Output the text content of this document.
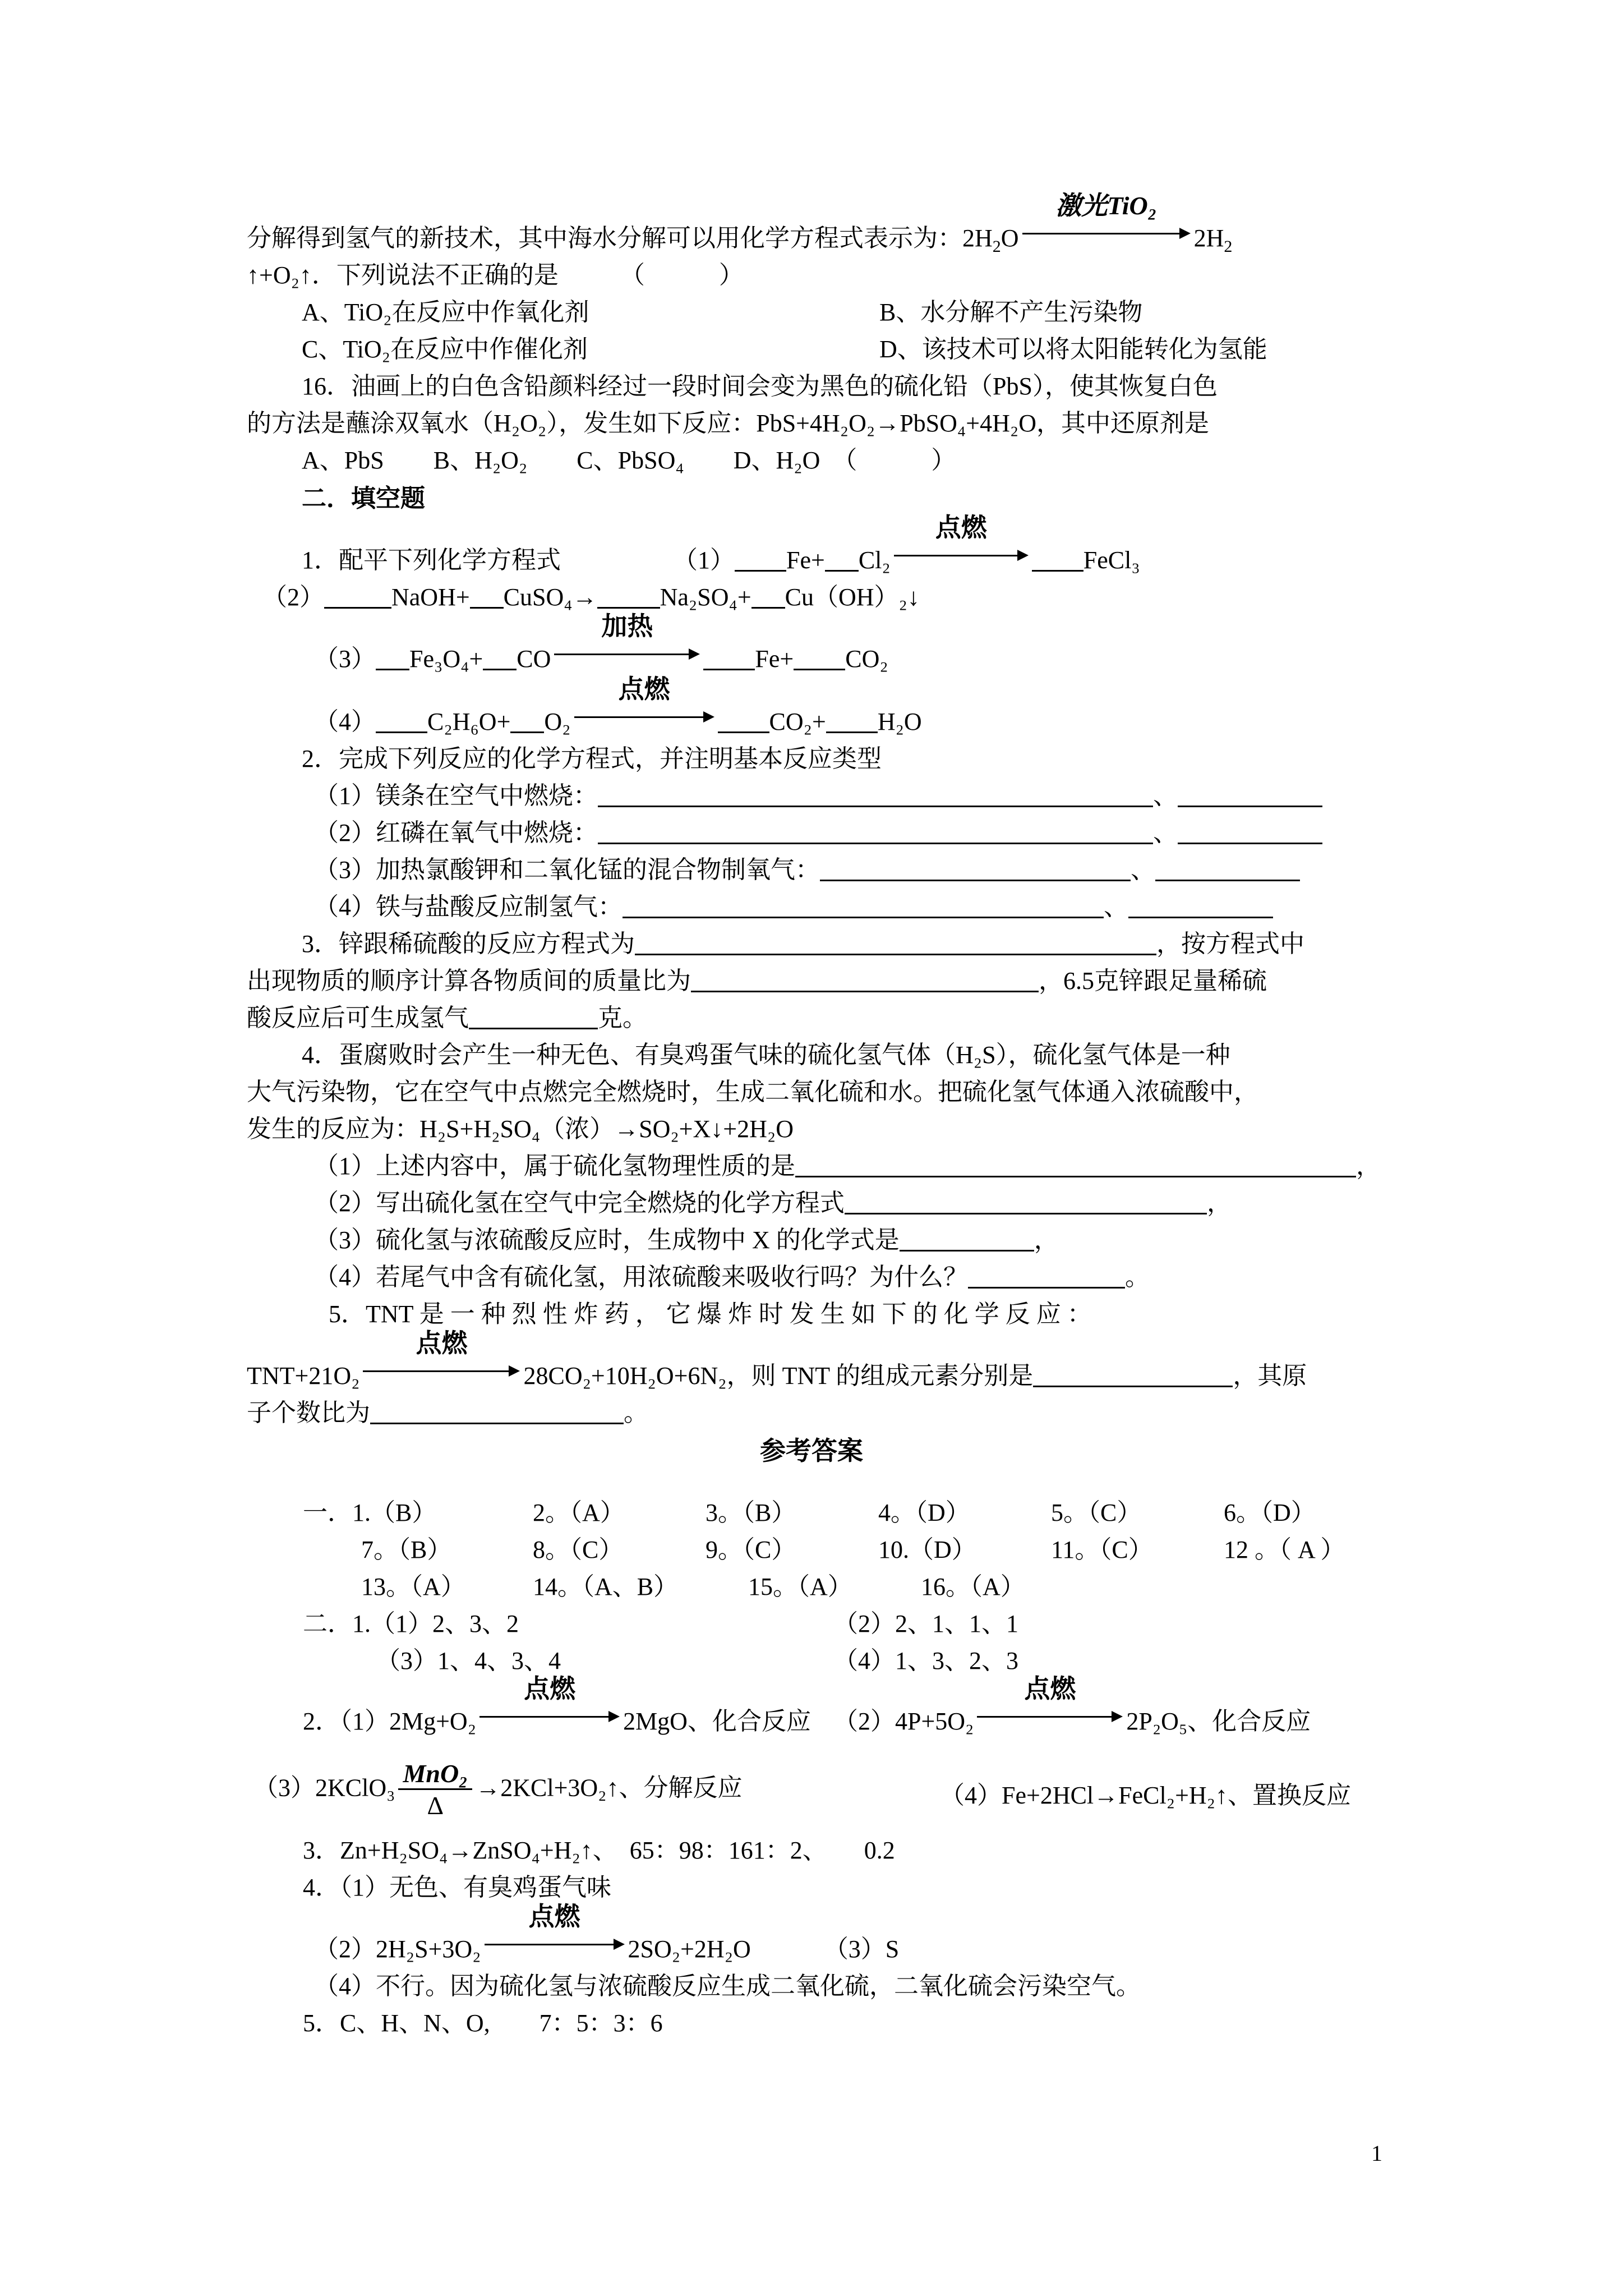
分解得到氢气的新技术，其中海水分解可以用化学方程式表示为：$2H_2O$
激光TiO₂
$2H_2$
↑+O₂↑．下列说法不正确的是　　　（　　　）
A、TiO₂在反应中作氧化剂	B、水分解不产生污染物
C、TiO₂在反应中作催化剂	D、该技术可以将太阳能转化为氢能
16．油画上的白色含铅颜料经过一段时间会变为黑色的硫化铅（PbS），使其恢复白色
的方法是蘸涂双氧水（H₂O₂），发生如下反应：PbS+4H₂O₂→PbSO₄+4H₂O，其中还原剂是
A、PbS　　B、H₂O₂　　C、PbSO₄　　D、H₂O　（　　　）
二．填空题
1．配平下列化学方程式	（1） Fe+ Cl₂
点燃
FeCl₃
（2）	NaOH+ CuSO₄→	Na₂SO₄+ Cu（OH）₂↓
（3） Fe₃O₄+ CO
加热
Fe+ CO₂
（4） C₂H₆O+ O₂
点燃
CO₂+ H₂O
2．完成下列反应的化学方程式，并注明基本反应类型
（1）镁条在空气中燃烧：	、
（2）红磷在氧气中燃烧：	、
（3）加热氯酸钾和二氧化锰的混合物制氧气：	、
（4）铁与盐酸反应制氢气：	、
3．锌跟稀硫酸的反应方程式为	，按方程式中
出现物质的顺序计算各物质间的质量比为	，6.5克锌跟足量稀硫
酸反应后可生成氢气	克。
4．蛋腐败时会产生一种无色、有臭鸡蛋气味的硫化氢气体（H₂S），硫化氢气体是一种
大气污染物，它在空气中点燃完全燃烧时，生成二氧化硫和水。把硫化氢气体通入浓硫酸中，
发生的反应为：H₂S+H₂SO₄（浓）→SO₂+X↓+2H₂O
（1）上述内容中，属于硫化氢物理性质的是	，
（2）写出硫化氢在空气中完全燃烧的化学方程式	，
（3）硫化氢与浓硫酸反应时，生成物中 X 的化学式是	，
（4）若尾气中含有硫化氢，用浓硫酸来吸收行吗？为什么？	。
5．TNT 是 一 种 烈 性 炸 药 ， 它 爆 炸 时 发 生 如 下 的 化 学 反 应 ：
TNT+21O₂
点燃
28CO₂+10H₂O+6N₂，则 TNT 的组成元素分别是	，其原
子个数比为	。
参考答案
一．1.（B）	2。（A）	3。（B）	4。（D）	5。（C）	6。（D）
7。（B）	8。（C）	9。（C）	10.（D）	11。（C）	12 。（ A ）
13。（A）	14。（A、B）	15。（A）	16。（A）
二．1.（1）2、3、2	（2）2、1、1、1
（3）1、4、3、4	（4）1、3、2、3
2．（1）2Mg+O₂
点燃
2MgO、化合反应 （2）4P+5O₂
点燃
2P₂O₅、化合反应
（3）2KClO₃ $\frac{\text{MnO₂}}{\Delta}$ →2KCl+3O₂↑、分解反应	（4）Fe+2HCl→FeCl₂+H₂↑、置换反应
3．Zn+H₂SO₄→ZnSO₄+H₂↑、　65：98：161：2、　　0.2
4．（1）无色、有臭鸡蛋气味
（2）2H₂S+3O₂
点燃
2SO₂+2H₂O	（3）S
（4）不行。因为硫化氢与浓硫酸反应生成二氧化硫，二氧化硫会污染空气。
5．C、H、N、O,　　7：5：3：6
1
